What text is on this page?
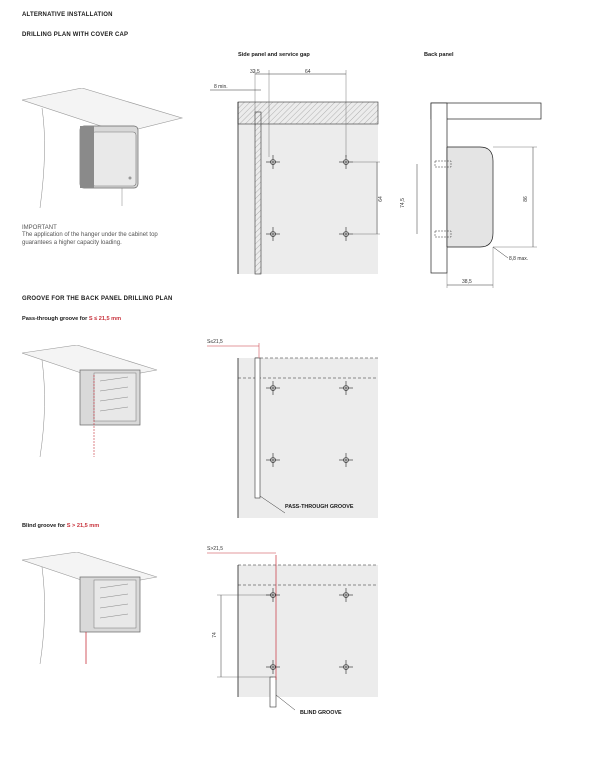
ALTERNATIVE INSTALLATION
DRILLING PLAN WITH COVER CAP
Side panel and service gap	Back panel
IMPORTANT
The application of the hanger under the cabinet top guarantees a higher capacity loading.
32,5	64
8 min.
64	74,5	86
8,8 max.
38,5
GROOVE FOR THE BACK PANEL DRILLING PLAN
Pass-through groove for S ≤ 21,5 mm
S≤21,5
PASS-THROUGH GROOVE
Blind groove for S > 21,5 mm
S>21,5
74
BLIND GROOVE
